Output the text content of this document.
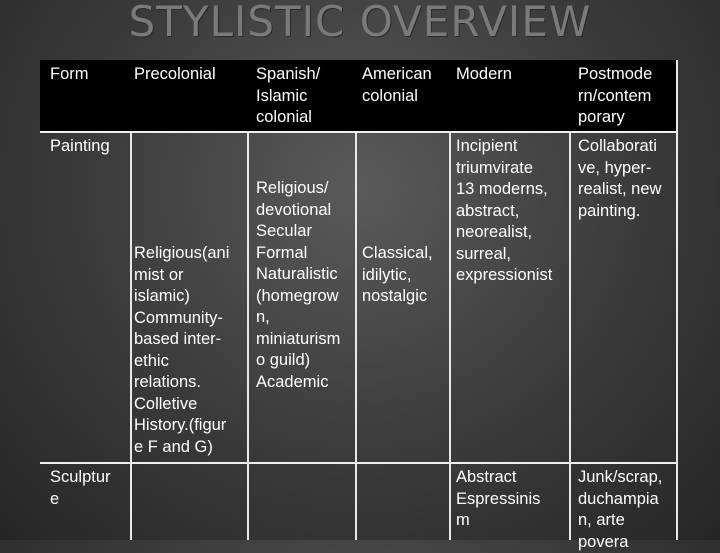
STYLISTIC OVERVIEW
Form	Precolonial Spanish/
Islamic
colonial
American
colonial
Modern	Postmode
rn/contem
porary
Painting
Religious(ani
mist or
islamic)
Community-
based inter-
ethic
relations.
Colletive
History.(figur
e F and G)
Religious/
devotional
Secular
Formal
Naturalistic
(homegrow
n,
miniaturism
o guild)
Academic
Classical,
idilytic,
nostalgic
Incipient
triumvirate
13 moderns,
abstract,
neorealist,
surreal,
expressionist
Collaborati
ve, hyper-
realist, new
painting.
Sculptur
e
Abstract
Espressinis
m
Junk/scrap,
duchampia
n, arte
povera
